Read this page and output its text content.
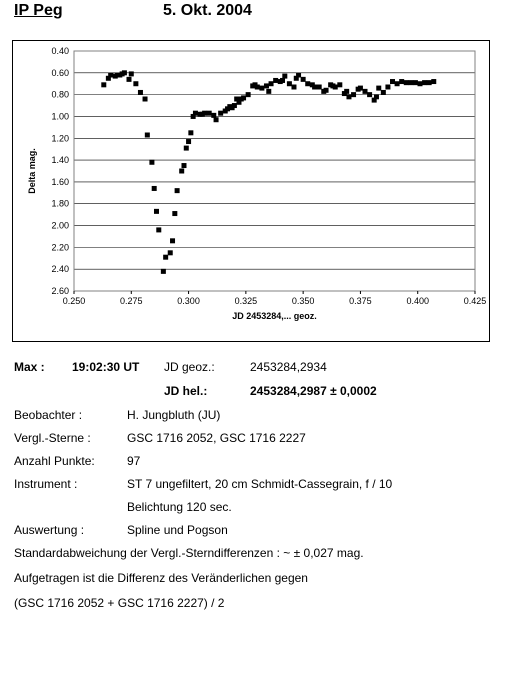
IP Peg	5. Okt. 2004
0.40
0.60
0.80
1.00
1.20
1.40
1.60
1.80
2.00
2.20
2.40
2.60
0.250	0.275	0.300	0.325	0.350	0.375	0.400	0.425
JD 2453284,... geoz.
Delta mag.
Max : 19:02:30 UT JD geoz.:	2453284,2934
JD hel.:	2453284,2987 ± 0,0002
Beobachter :	H. Jungbluth (JU)
Vergl.-Sterne :	GSC 1716 2052, GSC 1716 2227
Anzahl Punkte:	97
Instrument :	ST 7 ungefiltert, 20 cm Schmidt-Cassegrain, f / 10
Belichtung 120 sec.
Auswertung :	Spline und Pogson
Standardabweichung der Vergl.-Sterndifferenzen : ~ ± 0,027 mag.
Aufgetragen ist die Differenz des Veränderlichen gegen
(GSC 1716 2052 + GSC 1716 2227) / 2
